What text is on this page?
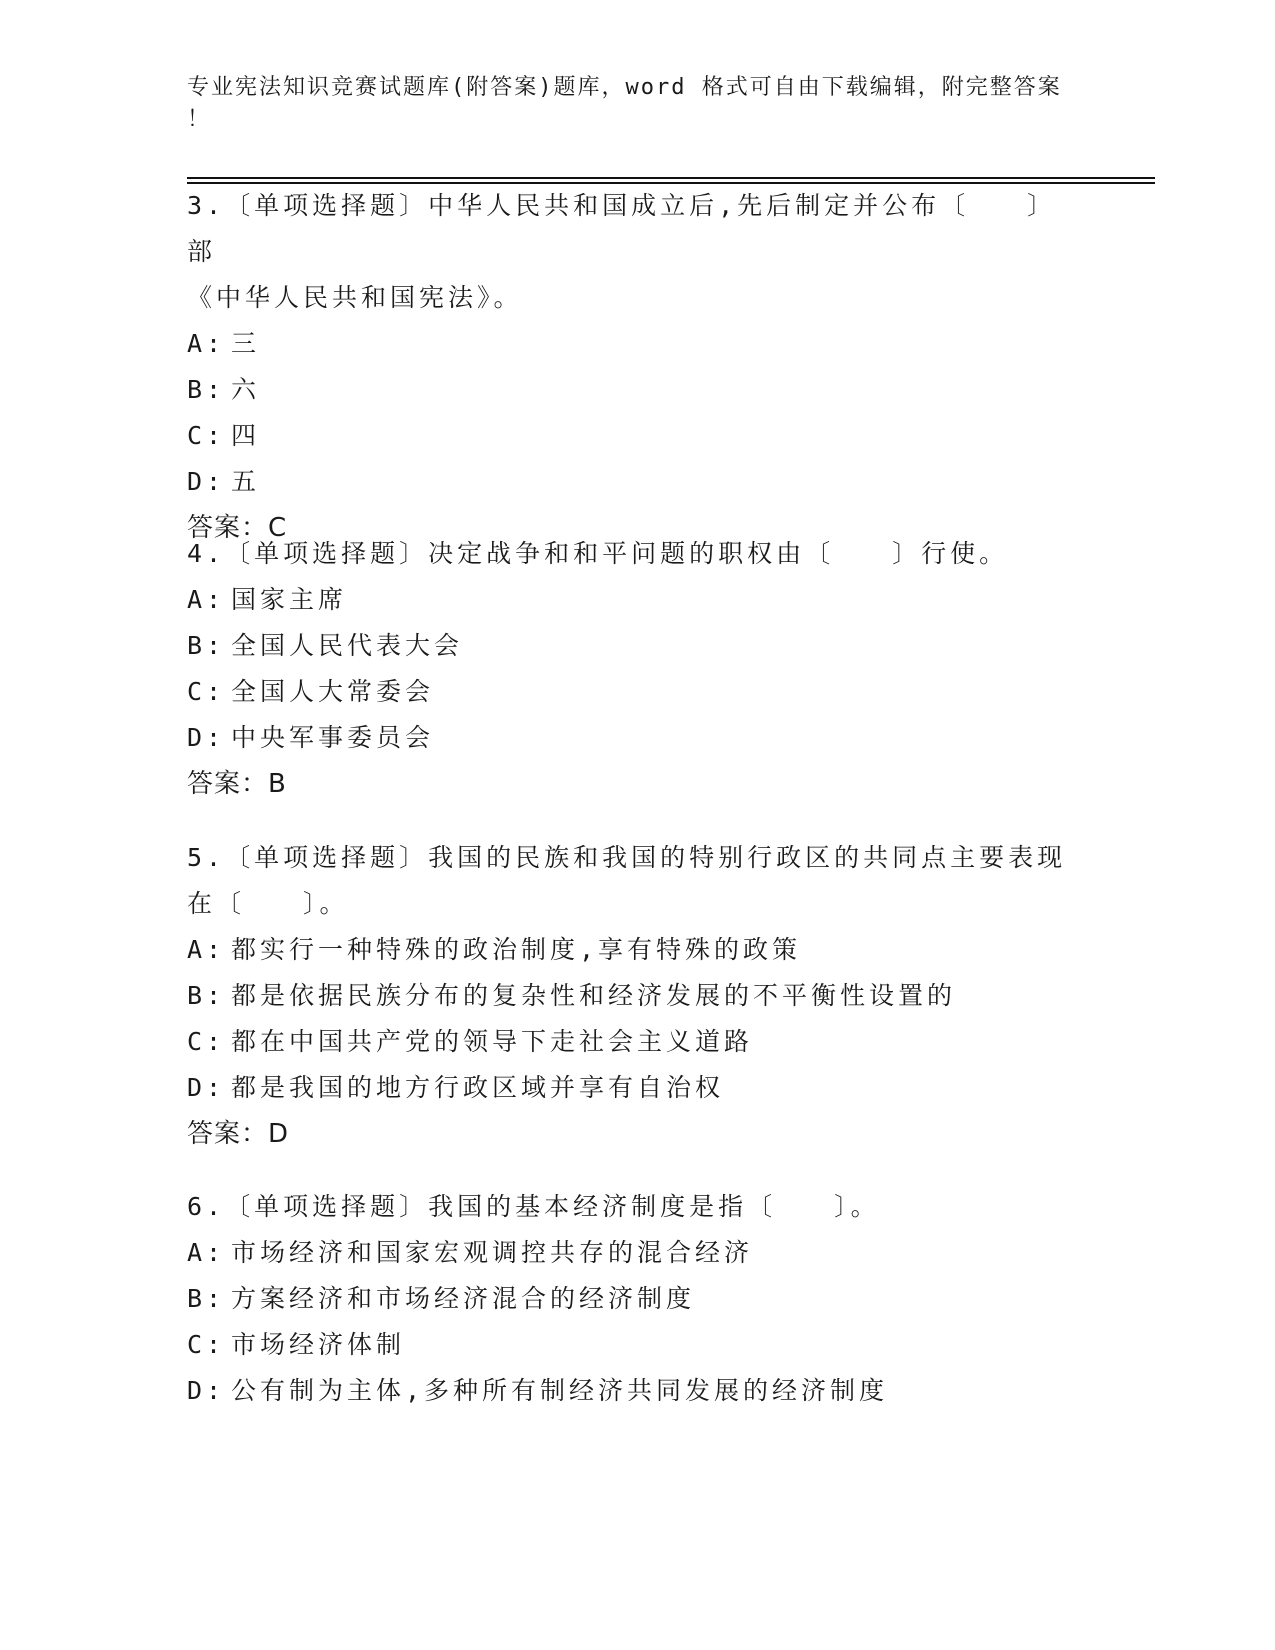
专业宪法知识竞赛试题库(附答案)题库，word 格式可自由下载编辑，附完整答案
！

3.〔单项选择题〕中华人民共和国成立后,先后制定并公布〔　　〕部

《中华人民共和国宪法》。

A: 三

B: 六

C: 四

D: 五

答案：C

4.〔单项选择题〕决定战争和和平问题的职权由〔　　〕行使。

A: 国家主席

B: 全国人民代表大会

C: 全国人大常委会

D: 中央军事委员会

答案：B

5.〔单项选择题〕我国的民族和我国的特别行政区的共同点主要表现

在〔　　〕。

A: 都实行一种特殊的政治制度,享有特殊的政策

B: 都是依据民族分布的复杂性和经济发展的不平衡性设置的

C: 都在中国共产党的领导下走社会主义道路

D: 都是我国的地方行政区域并享有自治权

答案：D

6.〔单项选择题〕我国的基本经济制度是指〔　　〕。

A: 市场经济和国家宏观调控共存的混合经济

B: 方案经济和市场经济混合的经济制度

C: 市场经济体制

D: 公有制为主体,多种所有制经济共同发展的经济制度
